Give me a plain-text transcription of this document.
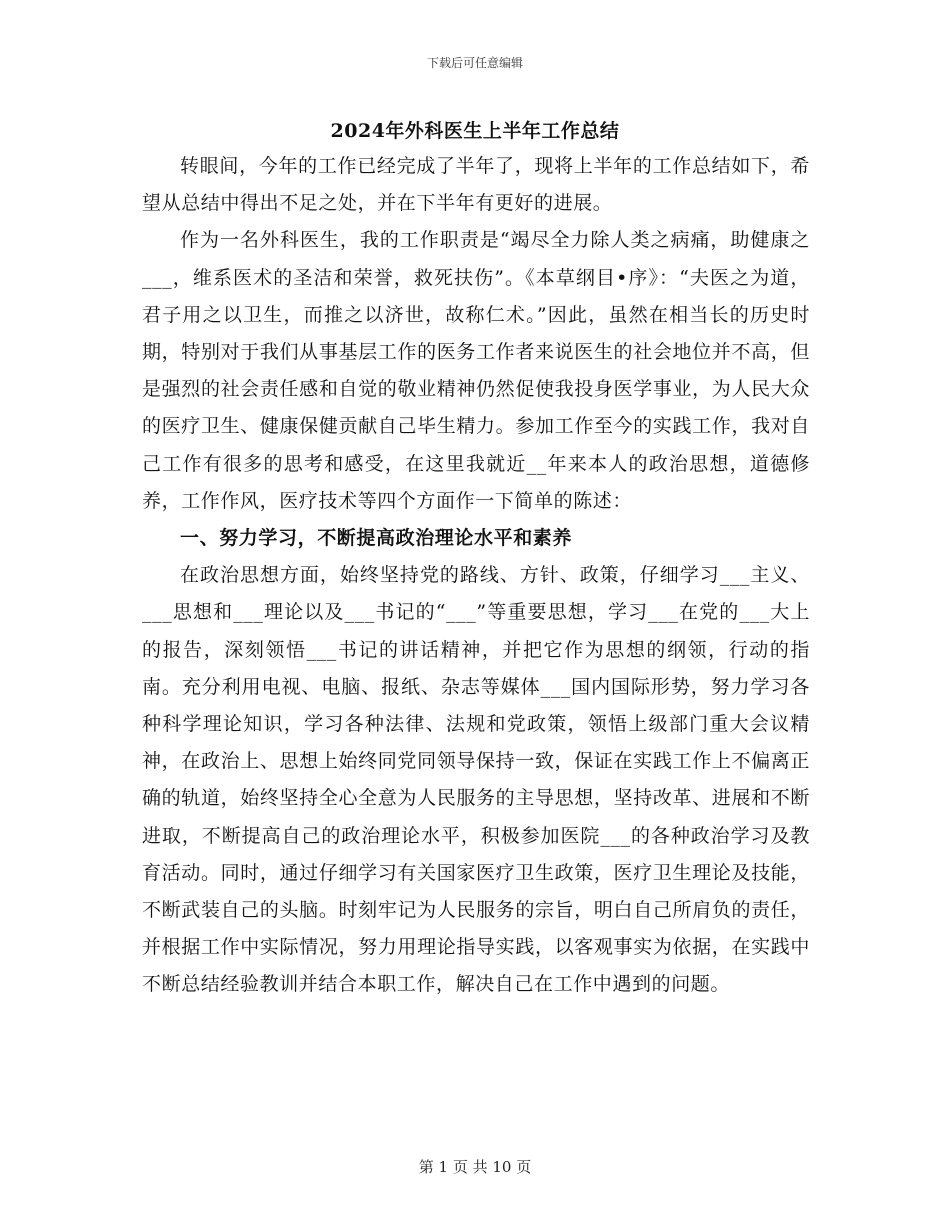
下载后可任意编辑
2024年外科医生上半年工作总结

转眼间，今年的工作已经完成了半年了，现将上半年的工作总结如下，希望从总结中得出不足之处，并在下半年有更好的进展。

作为一名外科医生，我的工作职责是“竭尽全力除人类之病痛，助健康之___，维系医术的圣洁和荣誉，救死扶伤”。《本草纲目•序》：“夫医之为道，君子用之以卫生，而推之以济世，故称仁术。”因此，虽然在相当长的历史时期，特别对于我们从事基层工作的医务工作者来说医生的社会地位并不高，但是强烈的社会责任感和自觉的敬业精神仍然促使我投身医学事业，为人民大众的医疗卫生、健康保健贡献自己毕生精力。参加工作至今的实践工作，我对自己工作有很多的思考和感受，在这里我就近__年来本人的政治思想，道德修养，工作作风，医疗技术等四个方面作一下简单的陈述：

一、努力学习，不断提高政治理论水平和素养

在政治思想方面，始终坚持党的路线、方针、政策，仔细学习___主义、___思想和___理论以及___书记的“___”等重要思想，学习___在党的___大上的报告，深刻领悟___书记的讲话精神，并把它作为思想的纲领，行动的指南。充分利用电视、电脑、报纸、杂志等媒体___国内国际形势，努力学习各种科学理论知识，学习各种法律、法规和党政策，领悟上级部门重大会议精神，在政治上、思想上始终同党同领导保持一致，保证在实践工作上不偏离正确的轨道，始终坚持全心全意为人民服务的主导思想，坚持改革、进展和不断进取，不断提高自己的政治理论水平，积极参加医院___的各种政治学习及教育活动。同时，通过仔细学习有关国家医疗卫生政策，医疗卫生理论及技能，不断武装自己的头脑。时刻牢记为人民服务的宗旨，明白自己所肩负的责任，并根据工作中实际情况，努力用理论指导实践，以客观事实为依据，在实践中不断总结经验教训并结合本职工作，解决自己在工作中遇到的问题。

第 1 页 共 10 页
